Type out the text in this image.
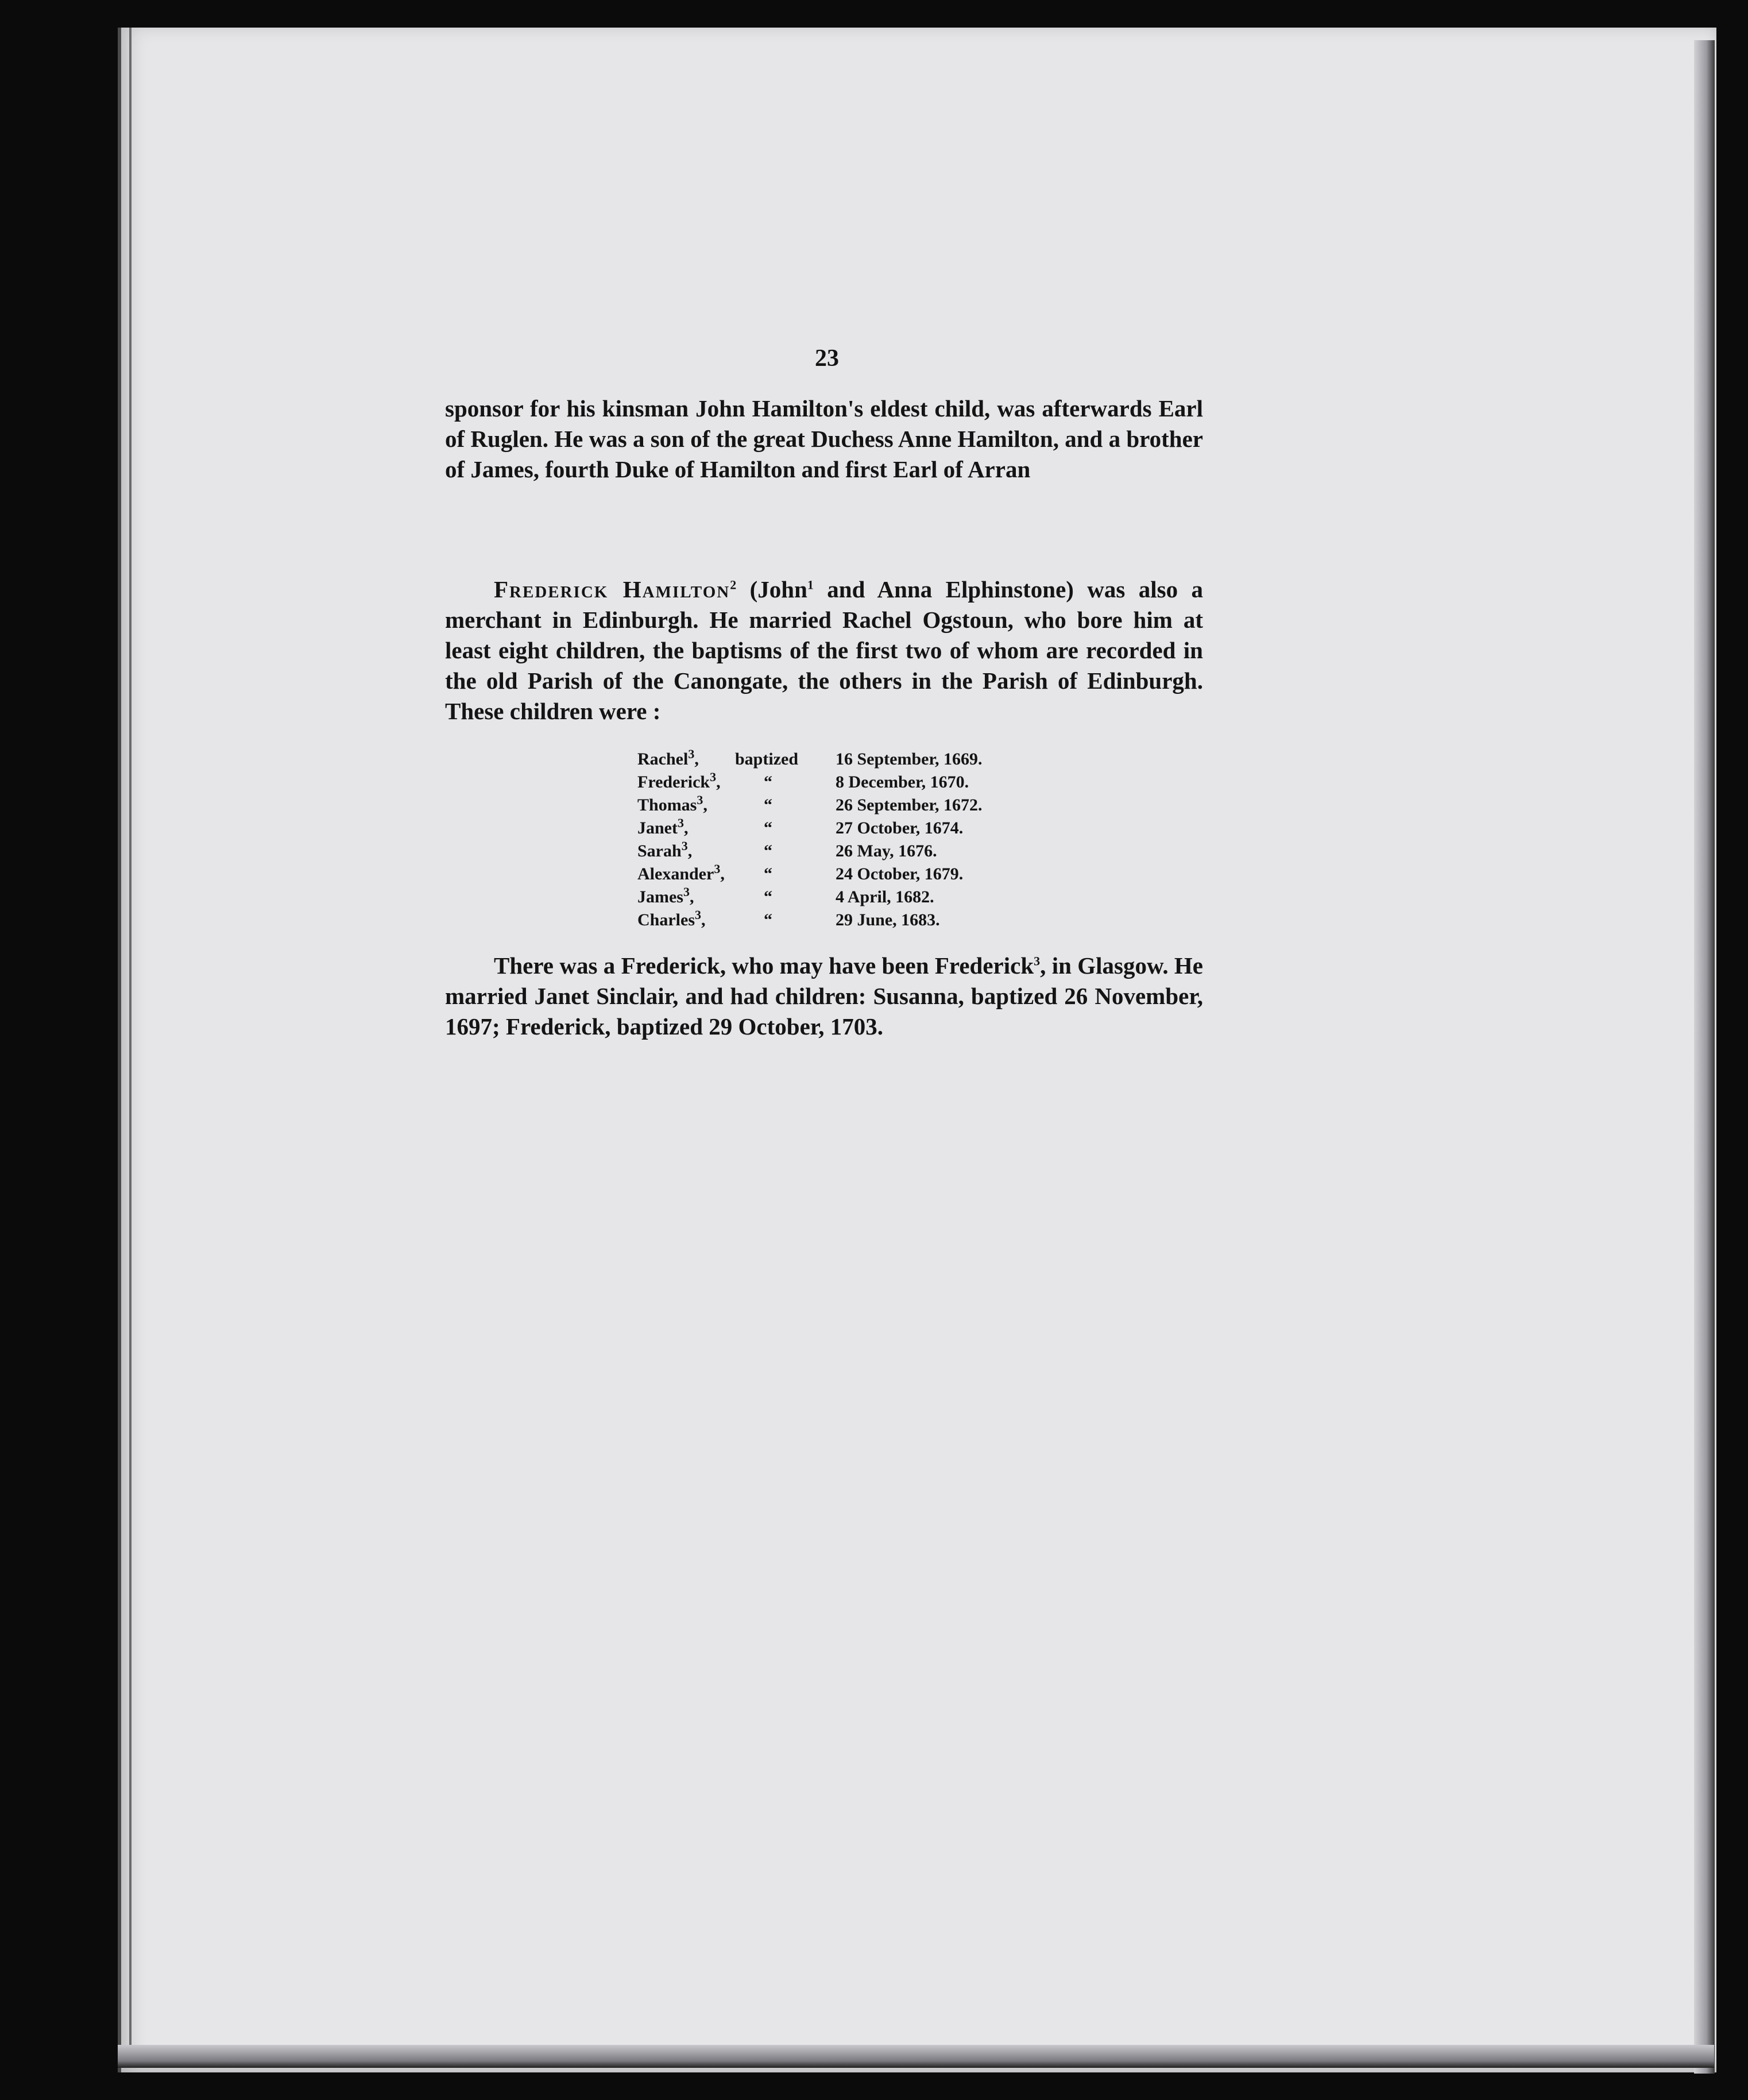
23
sponsor for his kinsman John Hamilton's eldest child, was afterwards Earl of Ruglen. He was a son of the great Duchess Anne Hamilton, and a brother of James, fourth Duke of Hamilton and first Earl of Arran
Frederick Hamilton$^2$ (John$^1$ and Anna Elphinstone) was also a merchant in Edinburgh. He married Rachel Ogstoun, who bore him at least eight children, the baptisms of the first two of whom are recorded in the old Parish of the Canongate, the others in the Parish of Edinburgh. These children were :
Rachel$^3$,	baptized	16 September, 1669.
Frederick$^3$,	“	8 December, 1670.
Thomas$^3$,	“	26 September, 1672.
Janet$^3$,	“	27 October, 1674.
Sarah$^3$,	“	26 May, 1676.
Alexander$^3$,	“	24 October, 1679.
James$^3$,	“	4 April, 1682.
Charles$^3$,	“	29 June, 1683.
There was a Frederick, who may have been Frederick$^3$, in Glasgow. He married Janet Sinclair, and had children: Susanna, baptized 26 November, 1697; Frederick, baptized 29 October, 1703.
